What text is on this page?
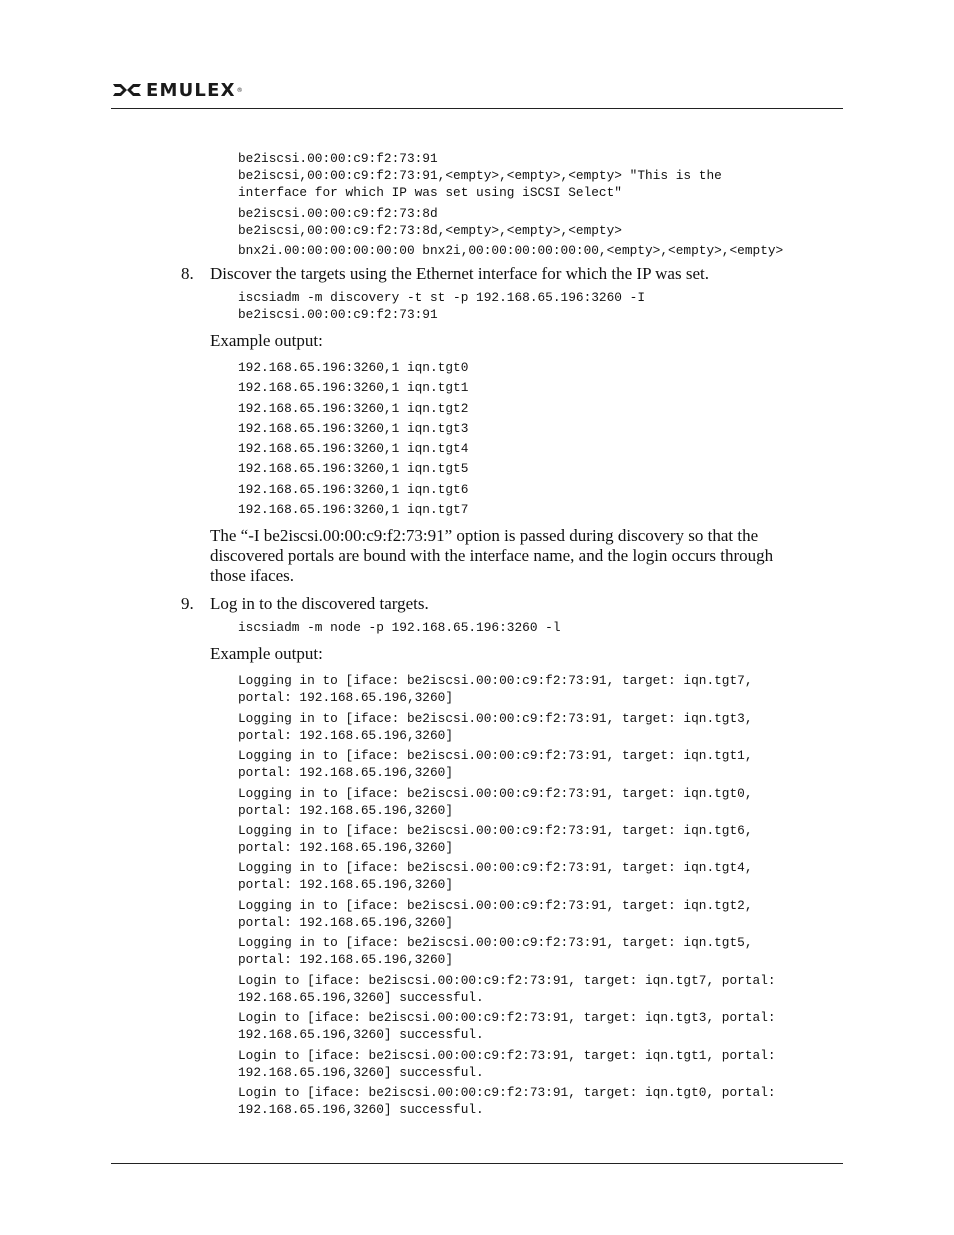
EMULEX ®
be2iscsi.00:00:c9:f2:73:91
be2iscsi,00:00:c9:f2:73:91,<empty>,<empty>,<empty> "This is the
interface for which IP was set using iSCSI Select"
be2iscsi.00:00:c9:f2:73:8d
be2iscsi,00:00:c9:f2:73:8d,<empty>,<empty>,<empty>
bnx2i.00:00:00:00:00:00 bnx2i,00:00:00:00:00:00,<empty>,<empty>,<empty>
8. Discover the targets using the Ethernet interface for which the IP was set.

iscsiadm -m discovery -t st -p 192.168.65.196:3260 -I
be2iscsi.00:00:c9:f2:73:91

Example output:

192.168.65.196:3260,1 iqn.tgt0
192.168.65.196:3260,1 iqn.tgt1
192.168.65.196:3260,1 iqn.tgt2
192.168.65.196:3260,1 iqn.tgt3
192.168.65.196:3260,1 iqn.tgt4
192.168.65.196:3260,1 iqn.tgt5
192.168.65.196:3260,1 iqn.tgt6
192.168.65.196:3260,1 iqn.tgt7

The “-I be2iscsi.00:00:c9:f2:73:91” option is passed during discovery so that the
discovered portals are bound with the interface name, and the login occurs through
those ifaces.

9. Log in to the discovered targets.

iscsiadm -m node -p 192.168.65.196:3260 -l

Example output:

Logging in to [iface: be2iscsi.00:00:c9:f2:73:91, target: iqn.tgt7,
portal: 192.168.65.196,3260]
Logging in to [iface: be2iscsi.00:00:c9:f2:73:91, target: iqn.tgt3,
portal: 192.168.65.196,3260]
Logging in to [iface: be2iscsi.00:00:c9:f2:73:91, target: iqn.tgt1,
portal: 192.168.65.196,3260]
Logging in to [iface: be2iscsi.00:00:c9:f2:73:91, target: iqn.tgt0,
portal: 192.168.65.196,3260]
Logging in to [iface: be2iscsi.00:00:c9:f2:73:91, target: iqn.tgt6,
portal: 192.168.65.196,3260]
Logging in to [iface: be2iscsi.00:00:c9:f2:73:91, target: iqn.tgt4,
portal: 192.168.65.196,3260]
Logging in to [iface: be2iscsi.00:00:c9:f2:73:91, target: iqn.tgt2,
portal: 192.168.65.196,3260]
Logging in to [iface: be2iscsi.00:00:c9:f2:73:91, target: iqn.tgt5,
portal: 192.168.65.196,3260]
Login to [iface: be2iscsi.00:00:c9:f2:73:91, target: iqn.tgt7, portal:
192.168.65.196,3260] successful.
Login to [iface: be2iscsi.00:00:c9:f2:73:91, target: iqn.tgt3, portal:
192.168.65.196,3260] successful.
Login to [iface: be2iscsi.00:00:c9:f2:73:91, target: iqn.tgt1, portal:
192.168.65.196,3260] successful.
Login to [iface: be2iscsi.00:00:c9:f2:73:91, target: iqn.tgt0, portal:
192.168.65.196,3260] successful.
